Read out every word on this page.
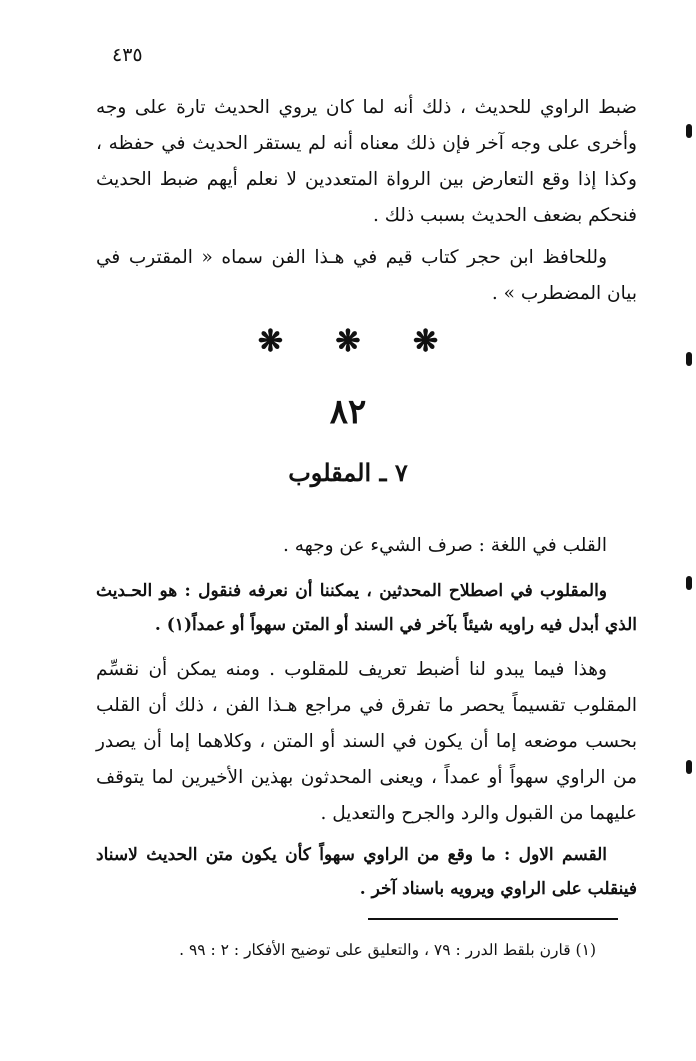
٤٣٥

ضبط الراوي للحديث ، ذلك أنه لما كان يروي الحديث تارة على وجه وأخرى على وجه آخر فإن ذلك معناه أنه لم يستقر الحديث في حفظه ، وكذا إذا وقع التعارض بين الرواة المتعددين لا نعلم أيهم ضبط الحديث فنحكم بضعف الحديث بسبب ذلك .

وللحافظ ابن حجر كتاب قيم في هـذا الفن سماه « المقترب في بيان المضطرب » .

❋ ❋ ❋
٨٢
٧ ـ المقلوب

القلب في اللغة : صرف الشيء عن وجهه .

والمقلوب في اصطلاح المحدثين ، يمكننا أن نعرفه فنقول : هو الحـديث الذي أبدل فيه راويه شيئاً بآخر في السند أو المتن سهواً أو عمداً(١) .

وهذا فيما يبدو لنا أضبط تعريف للمقلوب . ومنه يمكن أن نقسِّم المقلوب تقسيماً يحصر ما تفرق في مراجع هـذا الفن ، ذلك أن القلب بحسب موضعه إما أن يكون في السند أو المتن ، وكلاهما إما أن يصدر من الراوي سهواً أو عمداً ، ويعنى المحدثون بهذين الأخيرين لما يتوقف عليهما من القبول والرد والجرح والتعديل .

القسم الاول : ما وقع من الراوي سهواً كأن يكون متن الحديث لاسناد فينقلب على الراوي ويرويه باسناد آخر .

(١) قارن بلقط الدرر : ٧٩ ، والتعليق على توضيح الأفكار : ٢ : ٩٩ .
